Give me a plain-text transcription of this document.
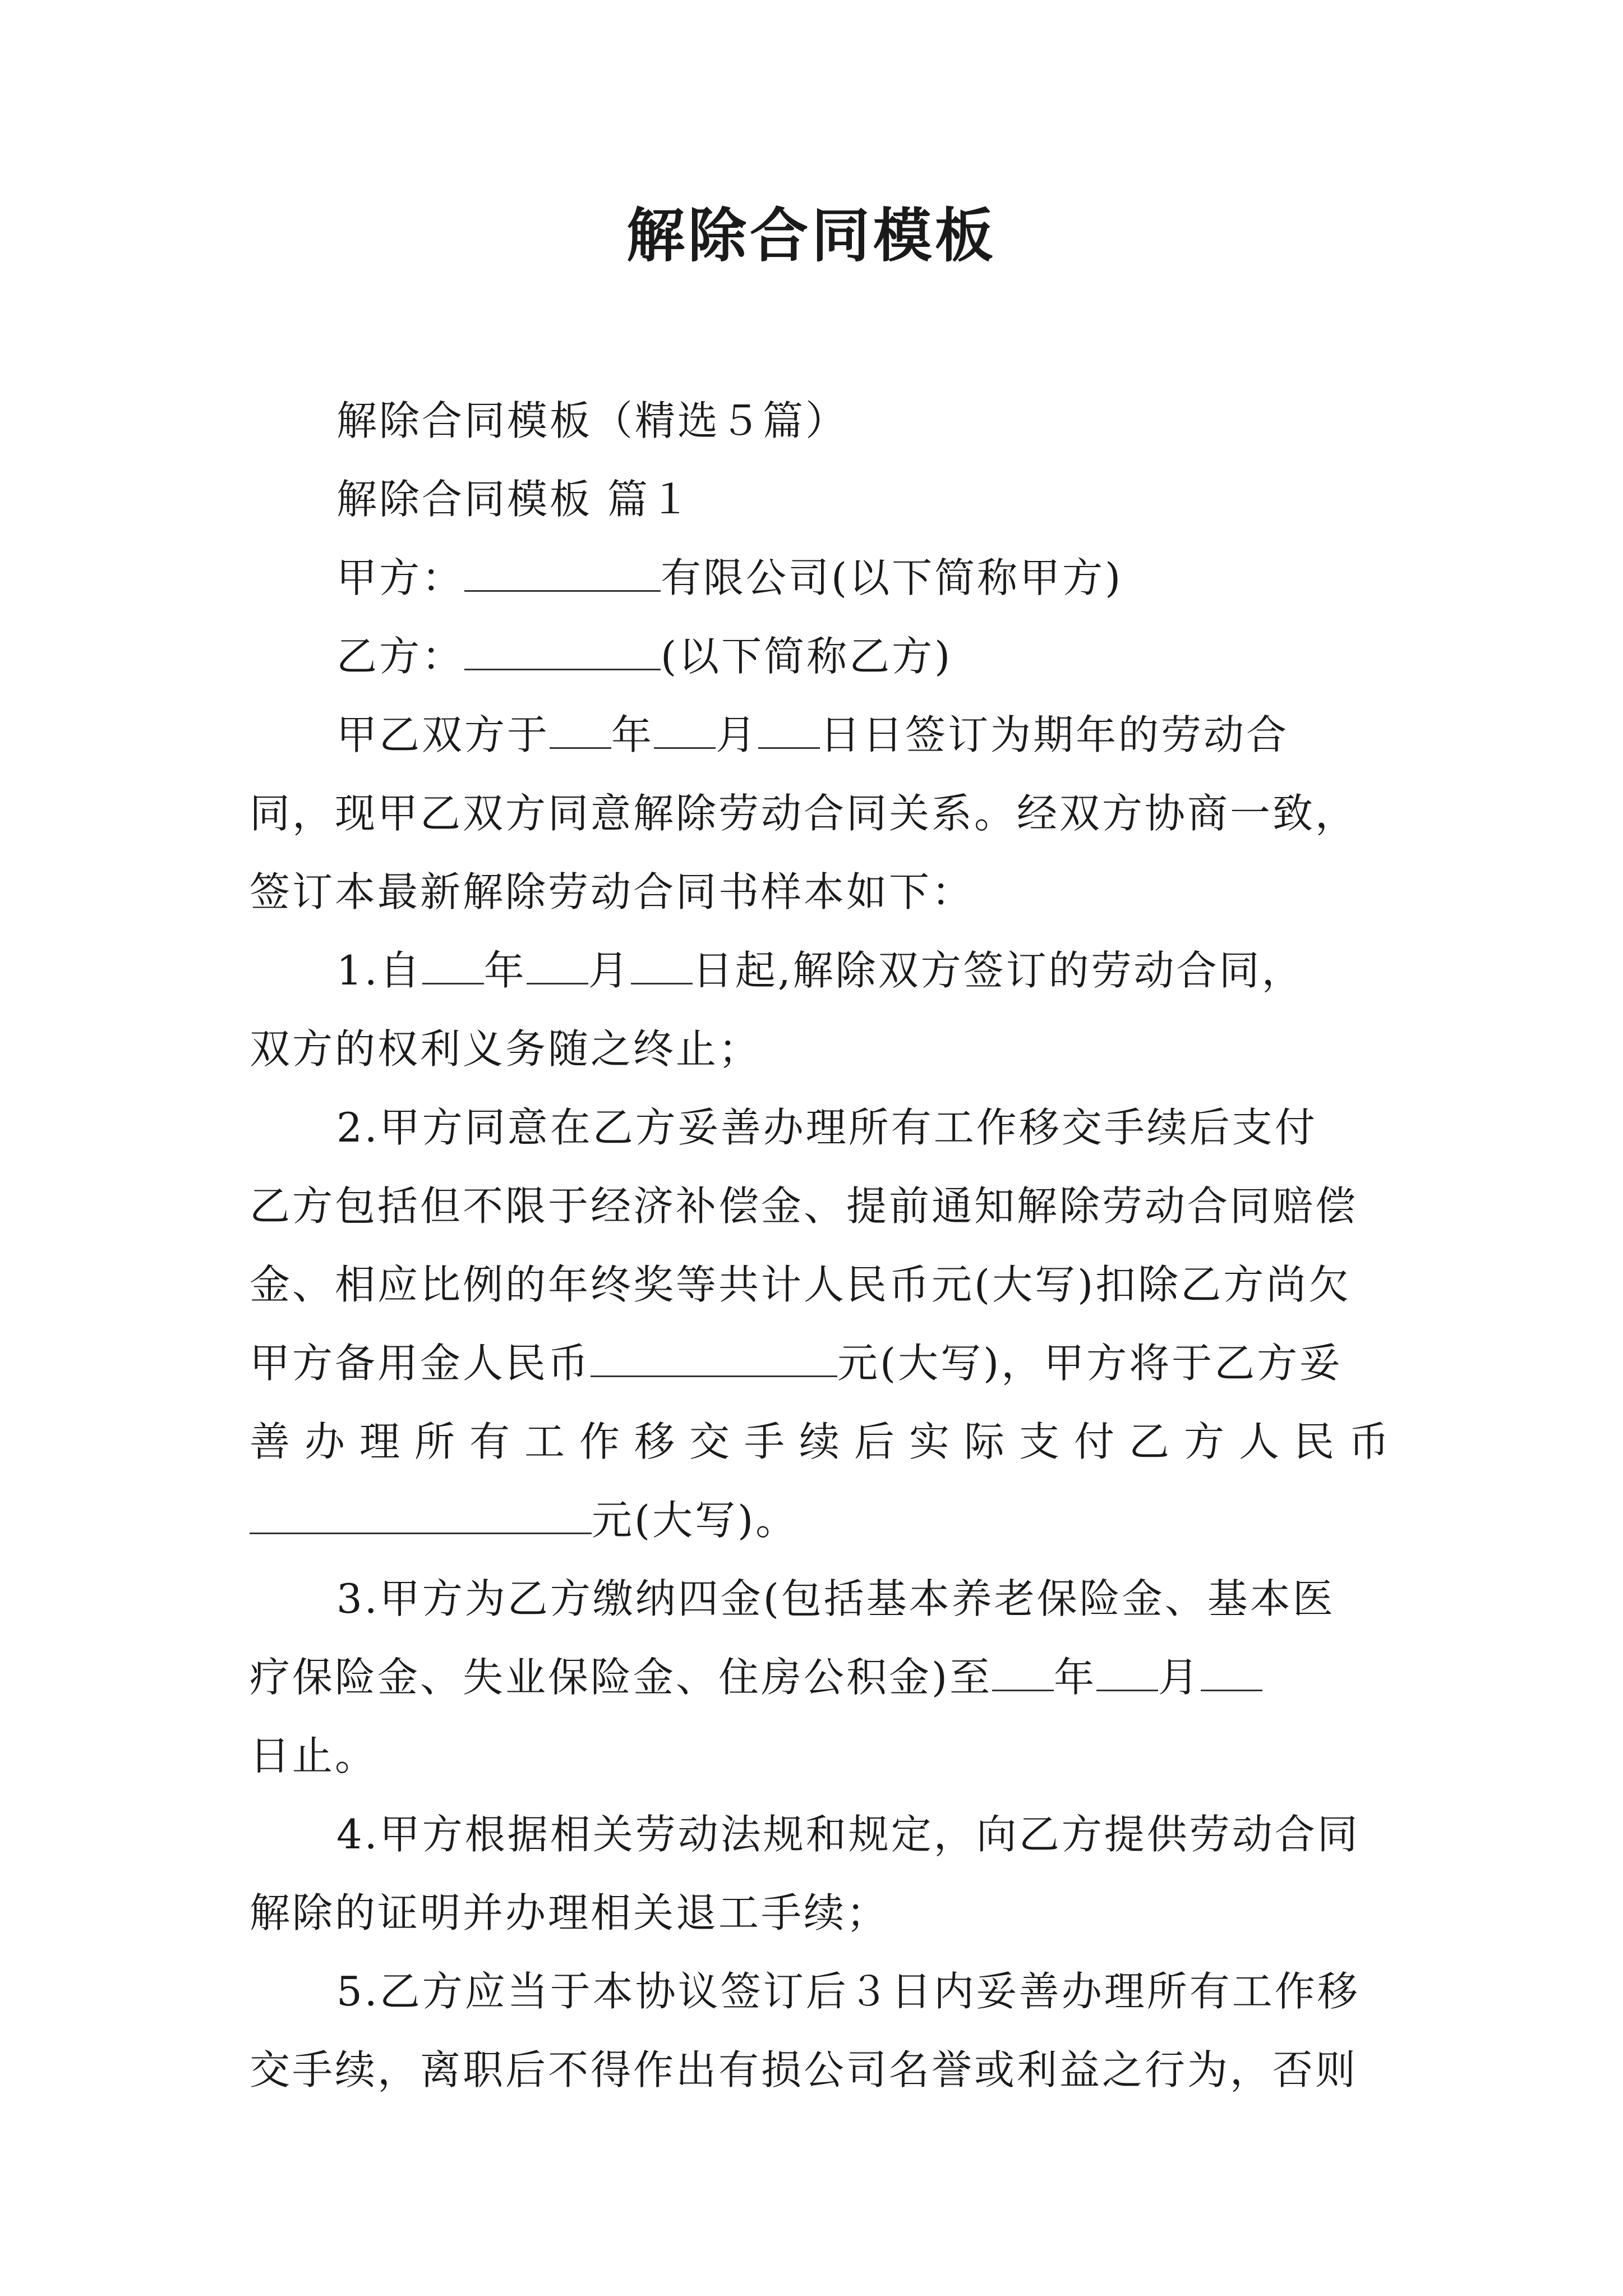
解除合同模板
解除合同模板（精选５篇）
解除合同模板 篇１
甲方：	有限公司(以下简称甲方)
乙方：	(以下简称乙方)
甲乙双方于 年 月 日日签订为期年的劳动合
同，现甲乙双方同意解除劳动合同关系。经双方协商一致，
签订本最新解除劳动合同书样本如下：
1.自 年 月 日起,解除双方签订的劳动合同，
双方的权利义务随之终止；
2.甲方同意在乙方妥善办理所有工作移交手续后支付
乙方包括但不限于经济补偿金、提前通知解除劳动合同赔偿
金、相应比例的年终奖等共计人民币元(大写)扣除乙方尚欠
甲方备用金人民币	元(大写)，甲方将于乙方妥
善办理所有工作移交手续后实际支付乙方人民币
元(大写)。
3.甲方为乙方缴纳四金(包括基本养老保险金、基本医
疗保险金、失业保险金、住房公积金)至 年 月
日止。
4.甲方根据相关劳动法规和规定，向乙方提供劳动合同
解除的证明并办理相关退工手续；
5.乙方应当于本协议签订后３日内妥善办理所有工作移
交手续，离职后不得作出有损公司名誉或利益之行为，否则
